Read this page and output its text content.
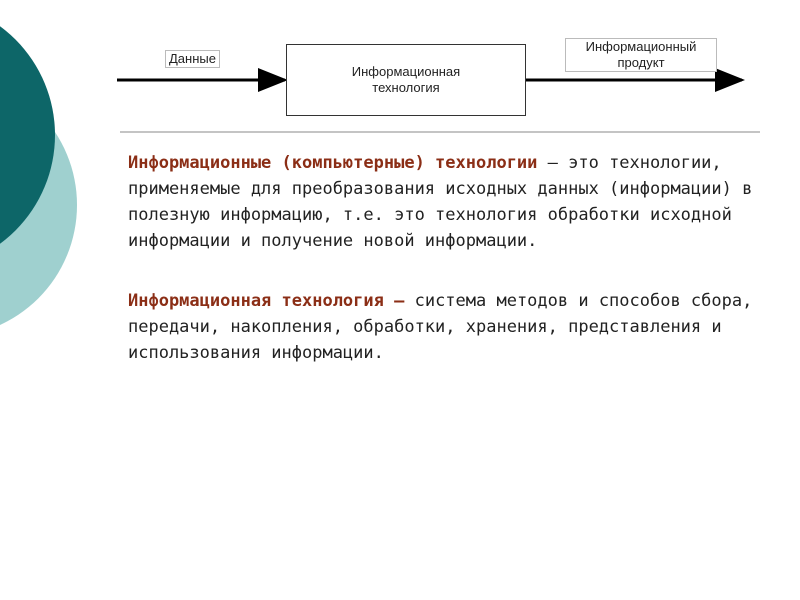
Данные
Информационная
технология
Информационный
продукт

Информационные (компьютерные) технологии – это технологии, применяемые для преобразования исходных данных (информации) в полезную информацию, т.е. это технология обработки исходной информации и получение новой информации.

Информационная технология – система методов и способов сбора, передачи, накопления, обработки, хранения, представления и использования информации.
